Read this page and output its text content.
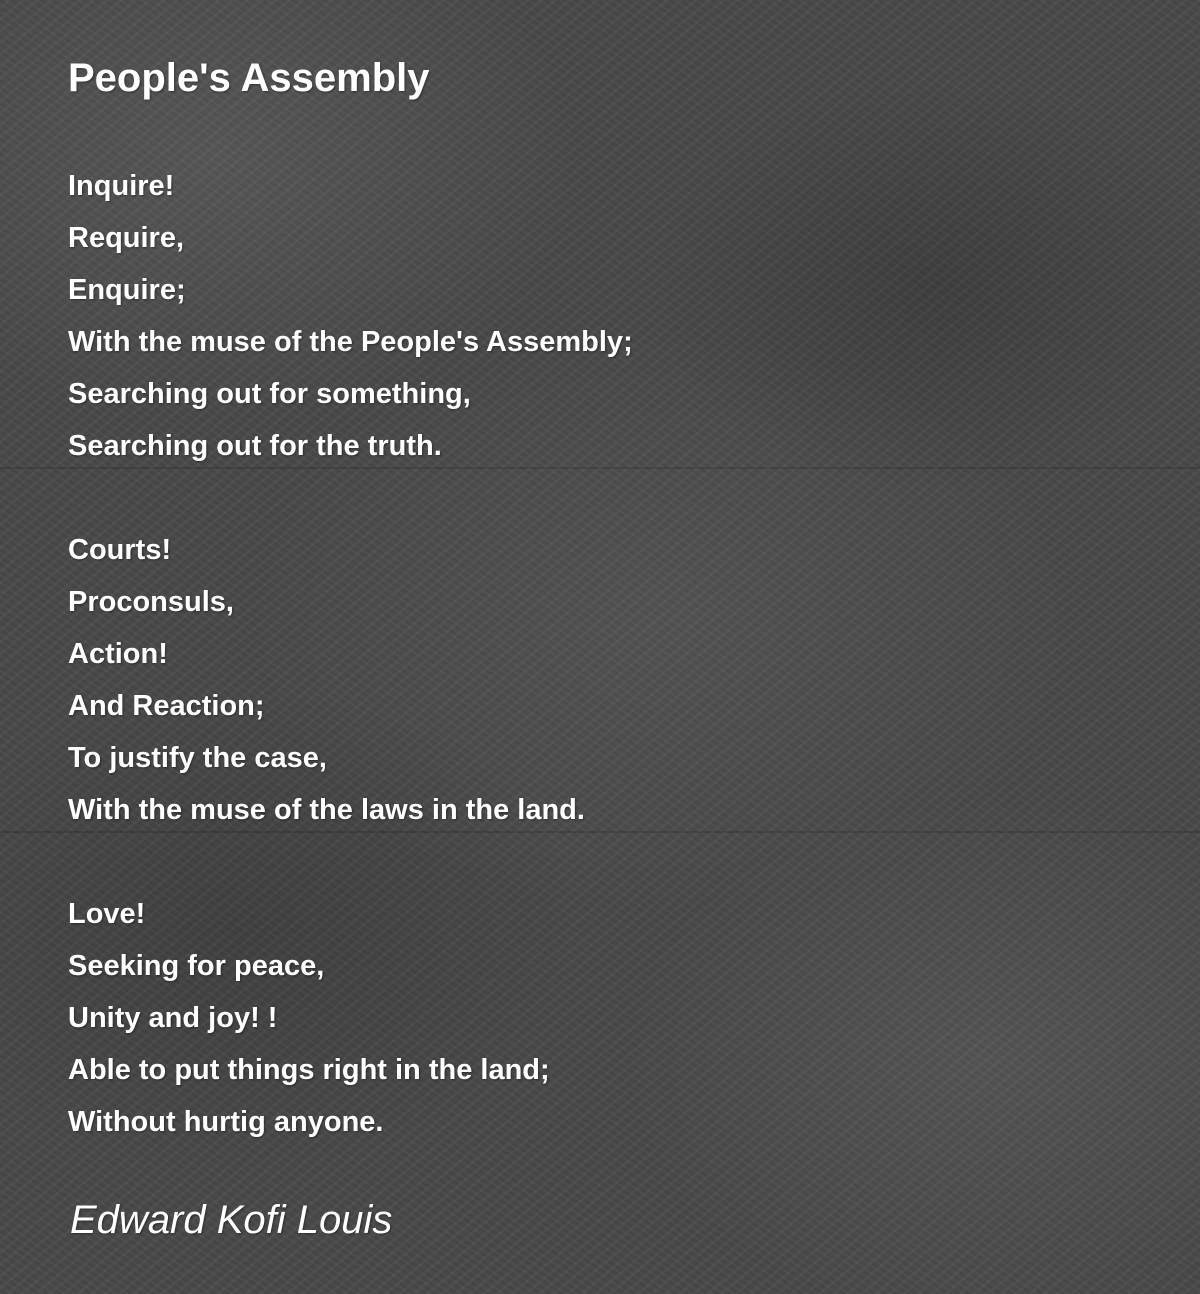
People's Assembly
Inquire!
Require,
Enquire;
With the muse of the People's Assembly;
Searching out for something,
Searching out for the truth.
Courts!
Proconsuls,
Action!
And Reaction;
To justify the case,
With the muse of the laws in the land.
Love!
Seeking for peace,
Unity and joy! !
Able to put things right in the land;
Without hurtig anyone.
Edward Kofi Louis
